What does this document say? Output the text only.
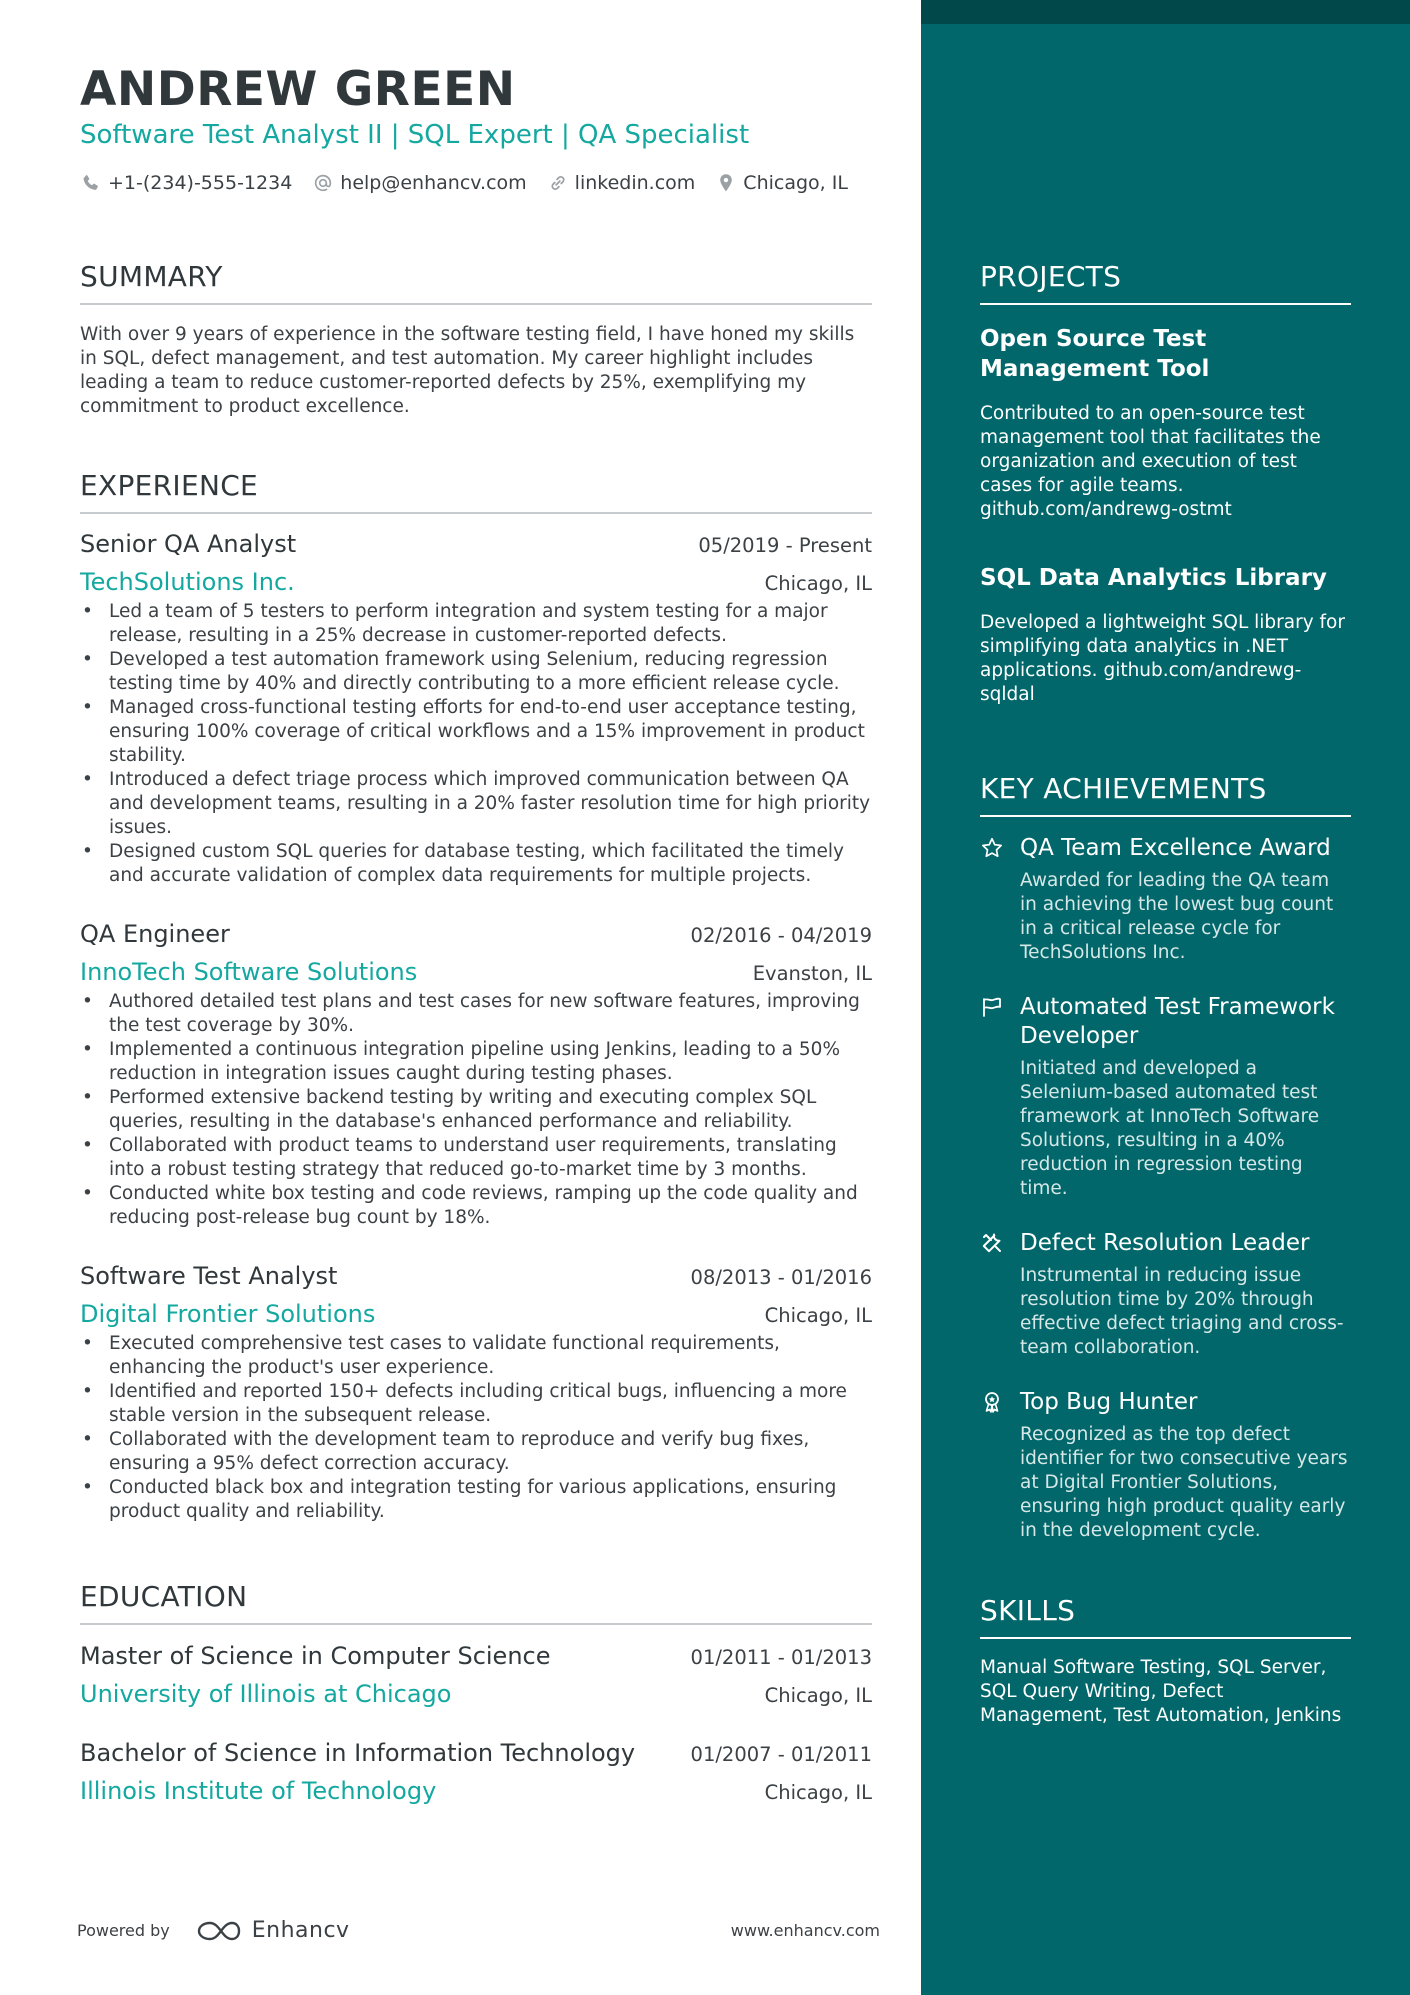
ANDREW GREEN
Software Test Analyst II | SQL Expert | QA Specialist
+1-(234)-555-1234	help@enhancv.com	linkedin.com	Chicago, IL
SUMMARY
With over 9 years of experience in the software testing field, I have honed my skills in SQL, defect management, and test automation. My career highlight includes leading a team to reduce customer-reported defects by 25%, exemplifying my commitment to product excellence.
EXPERIENCE
Senior QA Analyst	05/2019 - Present
TechSolutions Inc.	Chicago, IL
• Led a team of 5 testers to perform integration and system testing for a major release, resulting in a 25% decrease in customer-reported defects.
• Developed a test automation framework using Selenium, reducing regression testing time by 40% and directly contributing to a more efficient release cycle.
• Managed cross-functional testing efforts for end-to-end user acceptance testing, ensuring 100% coverage of critical workflows and a 15% improvement in product stability.
• Introduced a defect triage process which improved communication between QA and development teams, resulting in a 20% faster resolution time for high priority issues.
• Designed custom SQL queries for database testing, which facilitated the timely and accurate validation of complex data requirements for multiple projects.
QA Engineer	02/2016 - 04/2019
InnoTech Software Solutions	Evanston, IL
• Authored detailed test plans and test cases for new software features, improving the test coverage by 30%.
• Implemented a continuous integration pipeline using Jenkins, leading to a 50% reduction in integration issues caught during testing phases.
• Performed extensive backend testing by writing and executing complex SQL queries, resulting in the database's enhanced performance and reliability.
• Collaborated with product teams to understand user requirements, translating into a robust testing strategy that reduced go-to-market time by 3 months.
• Conducted white box testing and code reviews, ramping up the code quality and reducing post-release bug count by 18%.
Software Test Analyst	08/2013 - 01/2016
Digital Frontier Solutions	Chicago, IL
• Executed comprehensive test cases to validate functional requirements, enhancing the product's user experience.
• Identified and reported 150+ defects including critical bugs, influencing a more stable version in the subsequent release.
• Collaborated with the development team to reproduce and verify bug fixes, ensuring a 95% defect correction accuracy.
• Conducted black box and integration testing for various applications, ensuring product quality and reliability.
EDUCATION
Master of Science in Computer Science	01/2011 - 01/2013
University of Illinois at Chicago	Chicago, IL
Bachelor of Science in Information Technology	01/2007 - 01/2011
Illinois Institute of Technology	Chicago, IL
Powered by	Enhancv	www.enhancv.com
PROJECTS
Open Source Test Management Tool
Contributed to an open-source test management tool that facilitates the organization and execution of test cases for agile teams. github.com/andrewg-ostmt
SQL Data Analytics Library
Developed a lightweight SQL library for simplifying data analytics in .NET applications. github.com/andrewg-sqldal
KEY ACHIEVEMENTS
QA Team Excellence Award
Awarded for leading the QA team in achieving the lowest bug count in a critical release cycle for TechSolutions Inc.
Automated Test Framework Developer
Initiated and developed a Selenium-based automated test framework at InnoTech Software Solutions, resulting in a 40% reduction in regression testing time.
Defect Resolution Leader
Instrumental in reducing issue resolution time by 20% through effective defect triaging and cross-team collaboration.
Top Bug Hunter
Recognized as the top defect identifier for two consecutive years at Digital Frontier Solutions, ensuring high product quality early in the development cycle.
SKILLS
Manual Software Testing, SQL Server, SQL Query Writing, Defect Management, Test Automation, Jenkins
